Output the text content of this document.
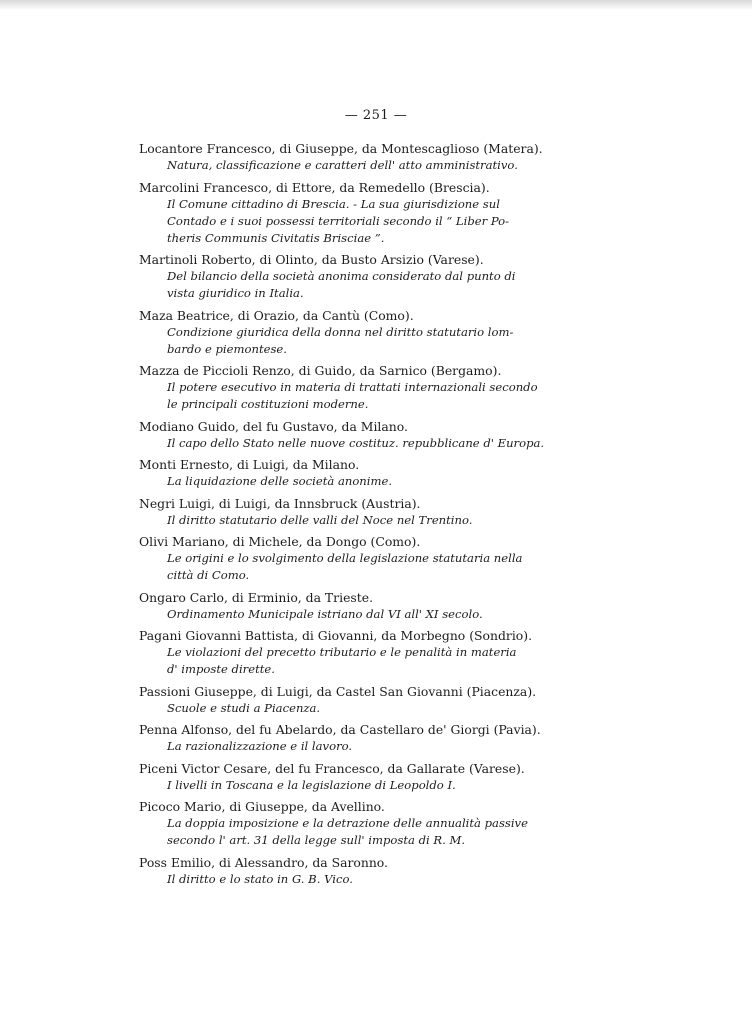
— 251 —
Locantore Francesco, di Giuseppe, da Montescaglioso (Matera).
Natura, classificazione e caratteri dell' atto amministrativo.
Marcolini Francesco, di Ettore, da Remedello (Brescia).
Il Comune cittadino di Brescia. - La sua giurisdizione sul
Contado e i suoi possessi territoriali secondo il “ Liber Po-
theris Communis Civitatis Brisciae ”.
Martinoli Roberto, di Olinto, da Busto Arsizio (Varese).
Del bilancio della società anonima considerato dal punto di
vista giuridico in Italia.
Maza Beatrice, di Orazio, da Cantù (Como).
Condizione giuridica della donna nel diritto statutario lom-
bardo e piemontese.
Mazza de Piccioli Renzo, di Guido, da Sarnico (Bergamo).
Il potere esecutivo in materia di trattati internazionali secondo
le principali costituzioni moderne.
Modiano Guido, del fu Gustavo, da Milano.
Il capo dello Stato nelle nuove costituz. repubblicane d' Europa.
Monti Ernesto, di Luigi, da Milano.
La liquidazione delle società anonime.
Negri Luigi, di Luigi, da Innsbruck (Austria).
Il diritto statutario delle valli del Noce nel Trentino.
Olivi Mariano, di Michele, da Dongo (Como).
Le origini e lo svolgimento della legislazione statutaria nella
città di Como.
Ongaro Carlo, di Erminio, da Trieste.
Ordinamento Municipale istriano dal VI all' XI secolo.
Pagani Giovanni Battista, di Giovanni, da Morbegno (Sondrio).
Le violazioni del precetto tributario e le penalità in materia
d' imposte dirette.
Passioni Giuseppe, di Luigi, da Castel San Giovanni (Piacenza).
Scuole e studi a Piacenza.
Penna Alfonso, del fu Abelardo, da Castellaro de' Giorgi (Pavia).
La razionalizzazione e il lavoro.
Piceni Victor Cesare, del fu Francesco, da Gallarate (Varese).
I livelli in Toscana e la legislazione di Leopoldo I.
Picoco Mario, di Giuseppe, da Avellino.
La doppia imposizione e la detrazione delle annualità passive
secondo l' art. 31 della legge sull' imposta di R. M.
Poss Emilio, di Alessandro, da Saronno.
Il diritto e lo stato in G. B. Vico.
